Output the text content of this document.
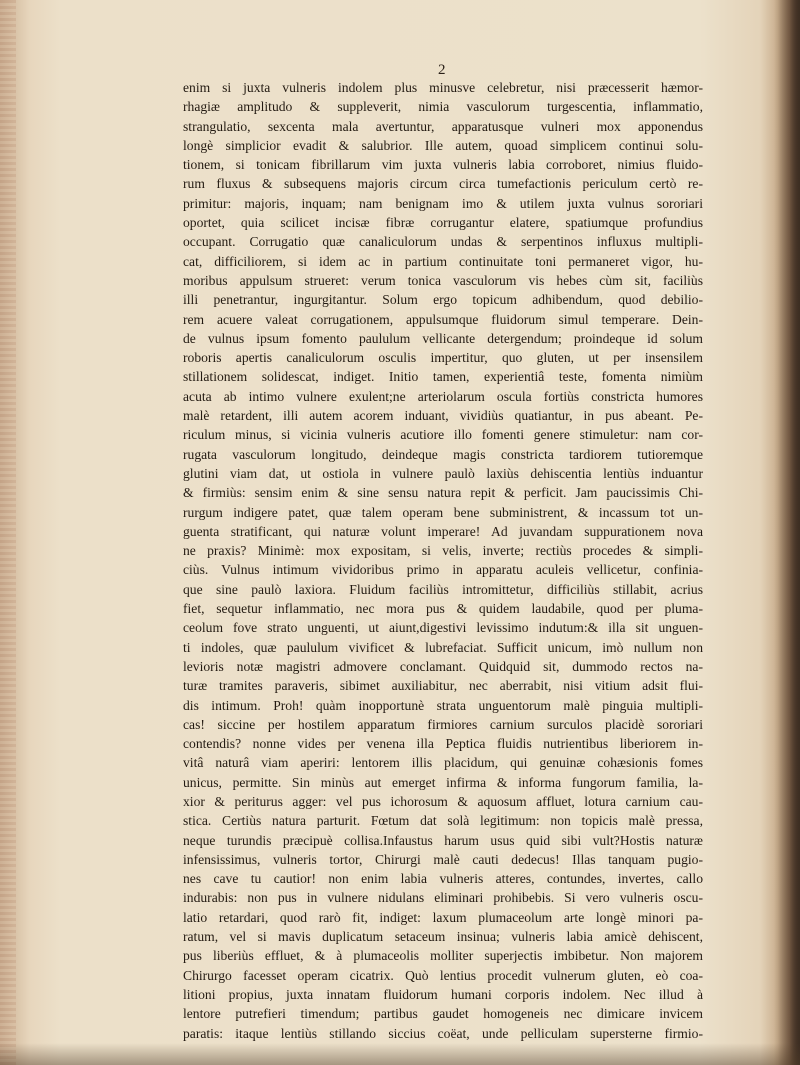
2
enim si juxta vulneris indolem plus minusve celebretur, nisi præcesserit hæmor-
rhagiæ amplitudo & suppleverit, nimia vasculorum turgescentia, inflammatio,
strangulatio, sexcenta mala avertuntur, apparatusque vulneri mox apponendus
longè simplicior evadit & salubrior. Ille autem, quoad simplicem continui solu-
tionem, si tonicam fibrillarum vim juxta vulneris labia corroboret, nimius fluido-
rum fluxus & subsequens majoris circum circa tumefactionis periculum certò re-
primitur: majoris, inquam; nam benignam imo & utilem juxta vulnus sororiari
oportet, quia scilicet incisæ fibræ corrugantur elatere, spatiumque profundius
occupant. Corrugatio quæ canaliculorum undas & serpentinos influxus multipli-
cat, difficiliorem, si idem ac in partium continuitate toni permaneret vigor, hu-
moribus appulsum strueret: verum tonica vasculorum vis hebes cùm sit, faciliùs
illi penetrantur, ingurgitantur. Solum ergo topicum adhibendum, quod debilio-
rem acuere valeat corrugationem, appulsumque fluidorum simul temperare. Dein-
de vulnus ipsum fomento paululum vellicante detergendum; proindeque id solum
roboris apertis canaliculorum osculis impertitur, quo gluten, ut per insensilem
stillationem solidescat, indiget. Initio tamen, experientiâ teste, fomenta nimiùm
acuta ab intimo vulnere exulent;ne arteriolarum oscula fortiùs constricta humores
malè retardent, illi autem acorem induant, vividiùs quatiantur, in pus abeant. Pe-
riculum minus, si vicinia vulneris acutiore illo fomenti genere stimuletur: nam cor-
rugata vasculorum longitudo, deindeque magis constricta tardiorem tutioremque
glutini viam dat, ut ostiola in vulnere paulò laxiùs dehiscentia lentiùs induantur
& firmiùs: sensim enim & sine sensu natura repit & perficit. Jam paucissimis Chi-
rurgum indigere patet, quæ talem operam bene subministrent, & incassum tot un-
guenta stratificant, qui naturæ volunt imperare! Ad juvandam suppurationem nova
ne praxis? Minimè: mox expositam, si velis, inverte; rectiùs procedes & simpli-
ciùs. Vulnus intimum vividoribus primo in apparatu aculeis vellicetur, confinia-
que sine paulò laxiora. Fluidum faciliùs intromittetur, difficiliùs stillabit, acrius
fiet, sequetur inflammatio, nec mora pus & quidem laudabile, quod per pluma-
ceolum fove strato unguenti, ut aiunt,digestivi levissimo indutum:& illa sit unguen-
ti indoles, quæ paululum vivificet & lubrefaciat. Sufficit unicum, imò nullum non
levioris notæ magistri admovere conclamant. Quidquid sit, dummodo rectos na-
turæ tramites paraveris, sibimet auxiliabitur, nec aberrabit, nisi vitium adsit flui-
dis intimum. Proh! quàm inopportunè strata unguentorum malè pinguia multipli-
cas! siccine per hostilem apparatum firmiores carnium surculos placidè sororiari
contendis? nonne vides per venena illa Peptica fluidis nutrientibus liberiorem in-
vitâ naturâ viam aperiri: lentorem illis placidum, qui genuinæ cohæsionis fomes
unicus, permitte. Sin minùs aut emerget infirma & informa fungorum familia, la-
xior & periturus agger: vel pus ichorosum & aquosum affluet, lotura carnium cau-
stica. Certiùs natura parturit. Fœtum dat solà legitimum: non topicis malè pressa,
neque turundis præcipuè collisa.Infaustus harum usus quid sibi vult?Hostis naturæ
infensissimus, vulneris tortor, Chirurgi malè cauti dedecus! Illas tanquam pugio-
nes cave tu cautior! non enim labia vulneris atteres, contundes, invertes, callo
indurabis: non pus in vulnere nidulans eliminari prohibebis. Si vero vulneris oscu-
latio retardari, quod rarò fit, indiget: laxum plumaceolum arte longè minori pa-
ratum, vel si mavis duplicatum setaceum insinua; vulneris labia amicè dehiscent,
pus liberiùs effluet, & à plumaceolis molliter superjectis imbibetur. Non majorem
Chirurgo facesset operam cicatrix. Quò lentius procedit vulnerum gluten, eò coa-
litioni propius, juxta innatam fluidorum humani corporis indolem. Nec illud à
lentore putrefieri timendum; partibus gaudet homogeneis nec dimicare invicem
paratis: itaque lentiùs stillando siccius coëat, unde pelliculam superstеrne firmio-
